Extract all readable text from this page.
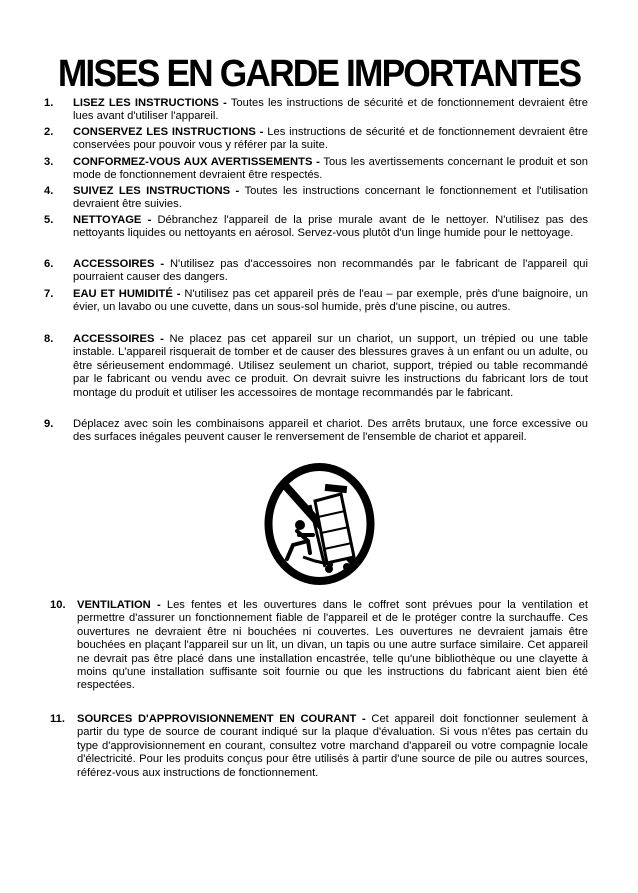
MISES EN GARDE IMPORTANTES
1.	LISEZ LES INSTRUCTIONS - Toutes les instructions de sécurité et de fonctionnement devraient être lues avant d'utiliser l'appareil.
2.	CONSERVEZ LES INSTRUCTIONS - Les instructions de sécurité et de fonctionnement devraient être conservées pour pouvoir vous y référer par la suite.
3.	CONFORMEZ-VOUS AUX AVERTISSEMENTS - Tous les avertissements concernant le produit et son mode de fonctionnement devraient être respectés.
4.	SUIVEZ LES INSTRUCTIONS - Toutes les instructions concernant le fonctionnement et l'utilisation devraient être suivies.
5.	NETTOYAGE - Débranchez l'appareil de la prise murale avant de le nettoyer. N'utilisez pas des nettoyants liquides ou nettoyants en aérosol. Servez-vous plutôt d'un linge humide pour le nettoyage.
6.	ACCESSOIRES - N'utilisez pas d'accessoires non recommandés par le fabricant de l'appareil qui pourraient causer des dangers.
7.	EAU ET HUMIDITÉ - N'utilisez pas cet appareil près de l'eau – par exemple, près d'une baignoire, un évier, un lavabo ou une cuvette, dans un sous-sol humide, près d'une piscine, ou autres.
8.	ACCESSOIRES - Ne placez pas cet appareil sur un chariot, un support, un trépied ou une table instable. L'appareil risquerait de tomber et de causer des blessures graves à un enfant ou un adulte, ou être sérieusement endommagé. Utilisez seulement un chariot, support, trépied ou table recommandé par le fabricant ou vendu avec ce produit. On devrait suivre les instructions du fabricant lors de tout montage du produit et utiliser les accessoires de montage recommandés par le fabricant.
9.	Déplacez avec soin les combinaisons appareil et chariot. Des arrêts brutaux, une force excessive ou des surfaces inégales peuvent causer le renversement de l'ensemble de chariot et appareil.
10.	VENTILATION - Les fentes et les ouvertures dans le coffret sont prévues pour la ventilation et permettre d'assurer un fonctionnement fiable de l'appareil et de le protéger contre la surchauffe. Ces ouvertures ne devraient être ni bouchées ni couvertes. Les ouvertures ne devraient jamais être bouchées en plaçant l'appareil sur un lit, un divan, un tapis ou une autre surface similaire. Cet appareil ne devrait pas être placé dans une installation encastrée, telle qu'une bibliothèque ou une clayette à moins qu'une installation suffisante soit fournie ou que les instructions du fabricant aient bien été respectées.
11.	SOURCES D'APPROVISIONNEMENT EN COURANT - Cet appareil doit fonctionner seulement à partir du type de source de courant indiqué sur la plaque d'évaluation. Si vous n'êtes pas certain du type d'approvisionnement en courant, consultez votre marchand d'appareil ou votre compagnie locale d'électricité. Pour les produits conçus pour être utilisés à partir d'une source de pile ou autres sources, référez-vous aux instructions de fonctionnement.
